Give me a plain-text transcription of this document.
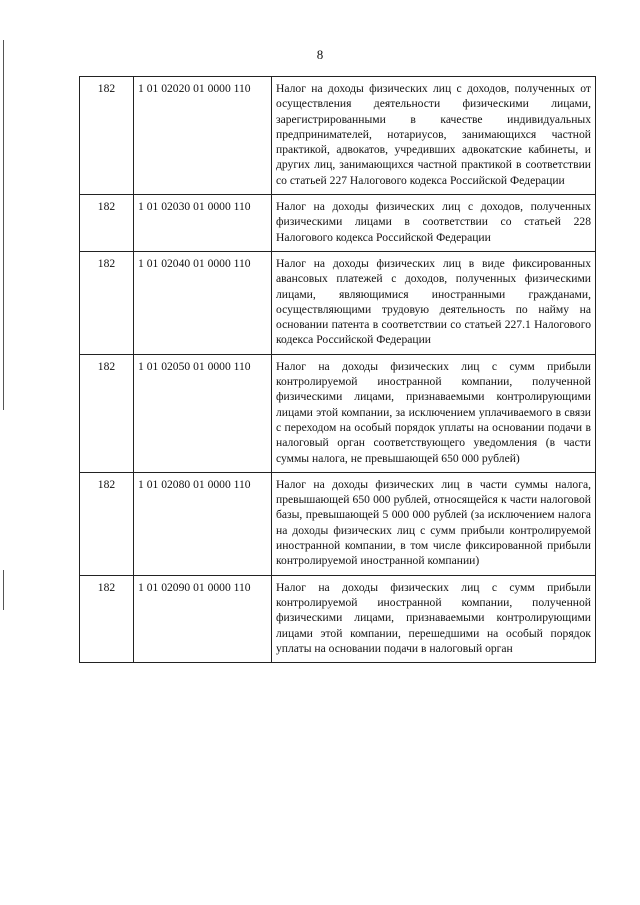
8
182	1 01 02020 01 0000 110	Налог на доходы физических лиц с доходов, полученных от осуществления деятельности физическими лицами, зарегистрированными в качестве индивидуальных предпринимателей, нотариусов, занимающихся частной практикой, адвокатов, учредивших адвокатские кабинеты, и других лиц, занимающихся частной практикой в соответствии со статьей 227 Налогового кодекса Российской Федерации
182	1 01 02030 01 0000 110	Налог на доходы физических лиц с доходов, полученных физическими лицами в соответствии со статьей 228 Налогового кодекса Российской Федерации
182	1 01 02040 01 0000 110	Налог на доходы физических лиц в виде фиксированных авансовых платежей с доходов, полученных физическими лицами, являющимися иностранными гражданами, осуществляющими трудовую деятельность по найму на основании патента в соответствии со статьей 227.1 Налогового кодекса Российской Федерации
182	1 01 02050 01 0000 110	Налог на доходы физических лиц с сумм прибыли контролируемой иностранной компании, полученной физическими лицами, признаваемыми контролирующими лицами этой компании, за исключением уплачиваемого в связи с переходом на особый порядок уплаты на основании подачи в налоговый орган соответствующего уведомления (в части суммы налога, не превышающей 650 000 рублей)
182	1 01 02080 01 0000 110	Налог на доходы физических лиц в части суммы налога, превышающей 650 000 рублей, относящейся к части налоговой базы, превышающей 5 000 000 рублей (за исключением налога на доходы физических лиц с сумм прибыли контролируемой иностранной компании, в том числе фиксированной прибыли контролируемой иностранной компании)
182	1 01 02090 01 0000 110	Налог на доходы физических лиц с сумм прибыли контролируемой иностранной компании, полученной физическими лицами, признаваемыми контролирующими лицами этой компании, перешедшими на особый порядок уплаты на основании подачи в налоговый орган
